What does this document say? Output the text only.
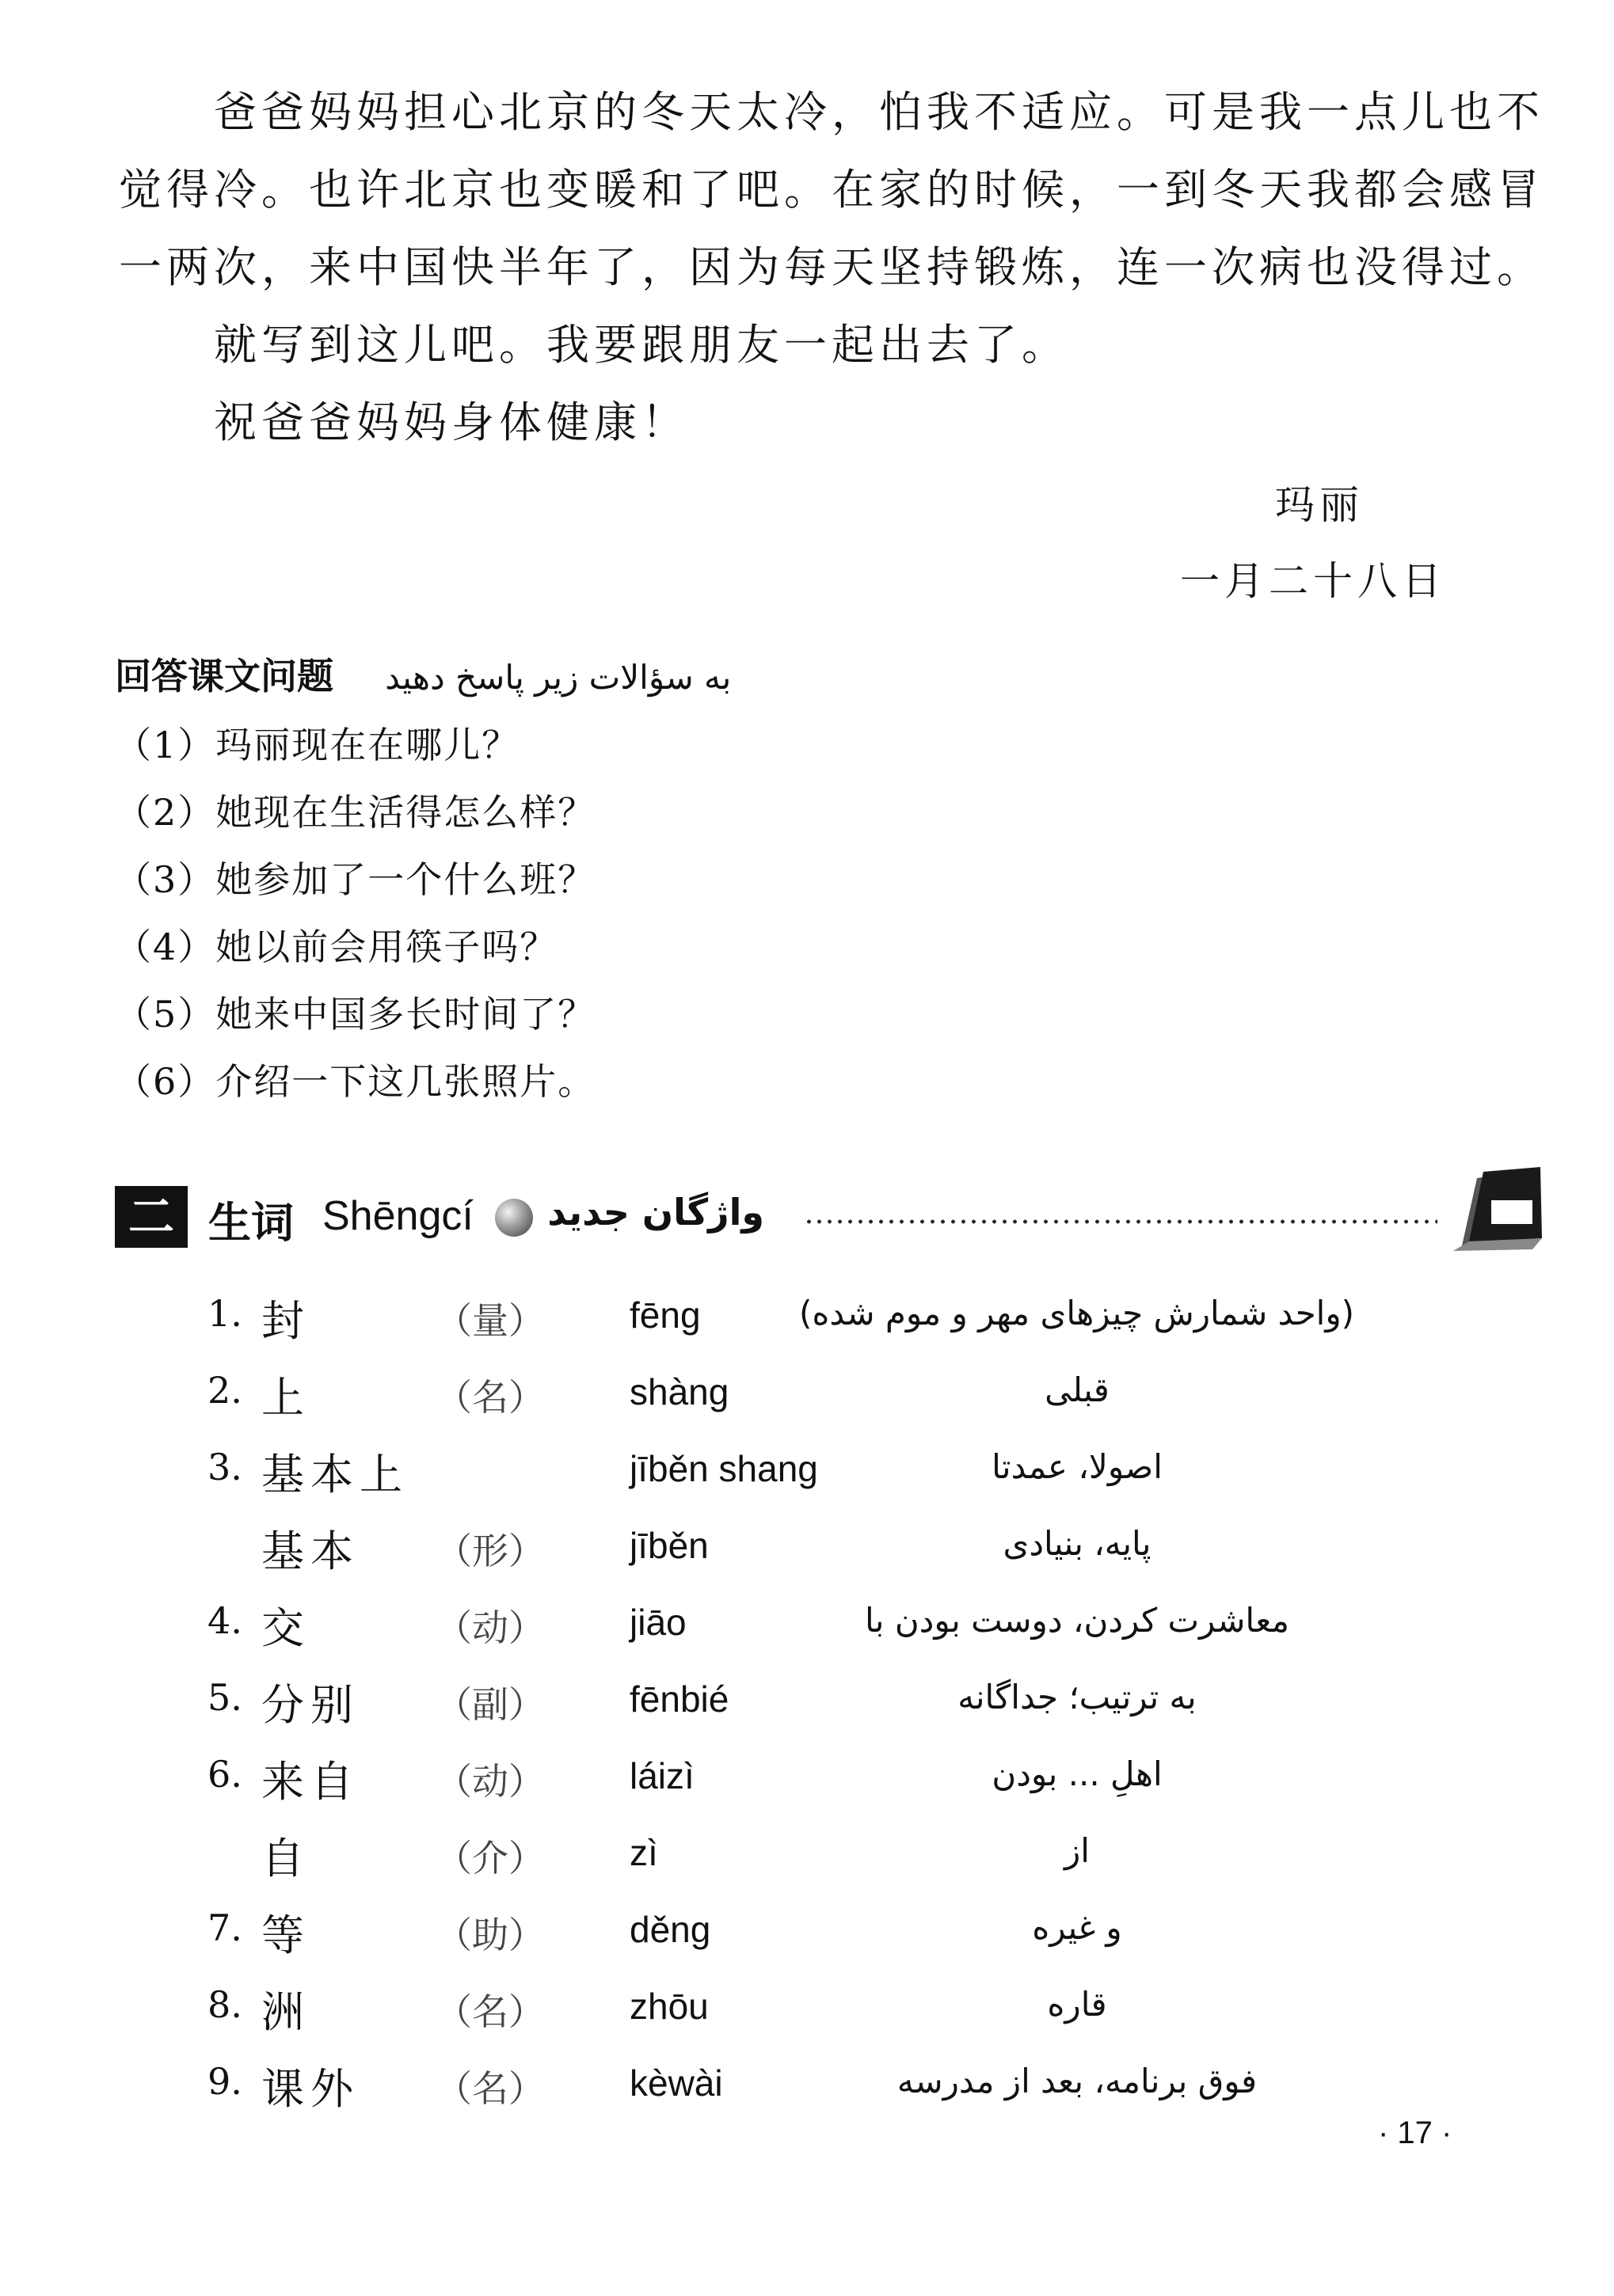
　　爸爸妈妈担心北京的冬天太冷，怕我不适应。可是我一点儿也不
觉得冷。也许北京也变暖和了吧。在家的时候，一到冬天我都会感冒
一两次，来中国快半年了，因为每天坚持锻炼，连一次病也没得过。
　　就写到这儿吧。我要跟朋友一起出去了。
　　祝爸爸妈妈身体健康！
玛丽
一月二十八日
回答课文问题 به سؤالات زیر پاسخ دهید
（1）玛丽现在在哪儿？
（2）她现在生活得怎么样？
（3）她参加了一个什么班？
（4）她以前会用筷子吗？
（5）她来中国多长时间了？
（6）介绍一下这几张照片。
二 生词 Shēngcí واژگان جدید
1. 封	（量） fēng	(واحد شمارش چیزهای مهر و موم شده)
2. 上	（名） shàng	قبلی
3. 基本上	jīběn shang	اصولا، عمدتا
基本 （形） jīběn	پایه، بنیادی
4. 交	（动） jiāo	معاشرت کردن، دوست بودن با
5. 分别 （副） fēnbié	به ترتیب؛ جداگانه
6. 来自 （动） láizì	اهلِ ... بودن
自	（介） zì	از
7. 等	（助） děng	و غیره
8. 洲	（名） zhōu	قاره
9. 课外 （名） kèwài	فوق برنامه، بعد از مدرسه
· 17 ·
